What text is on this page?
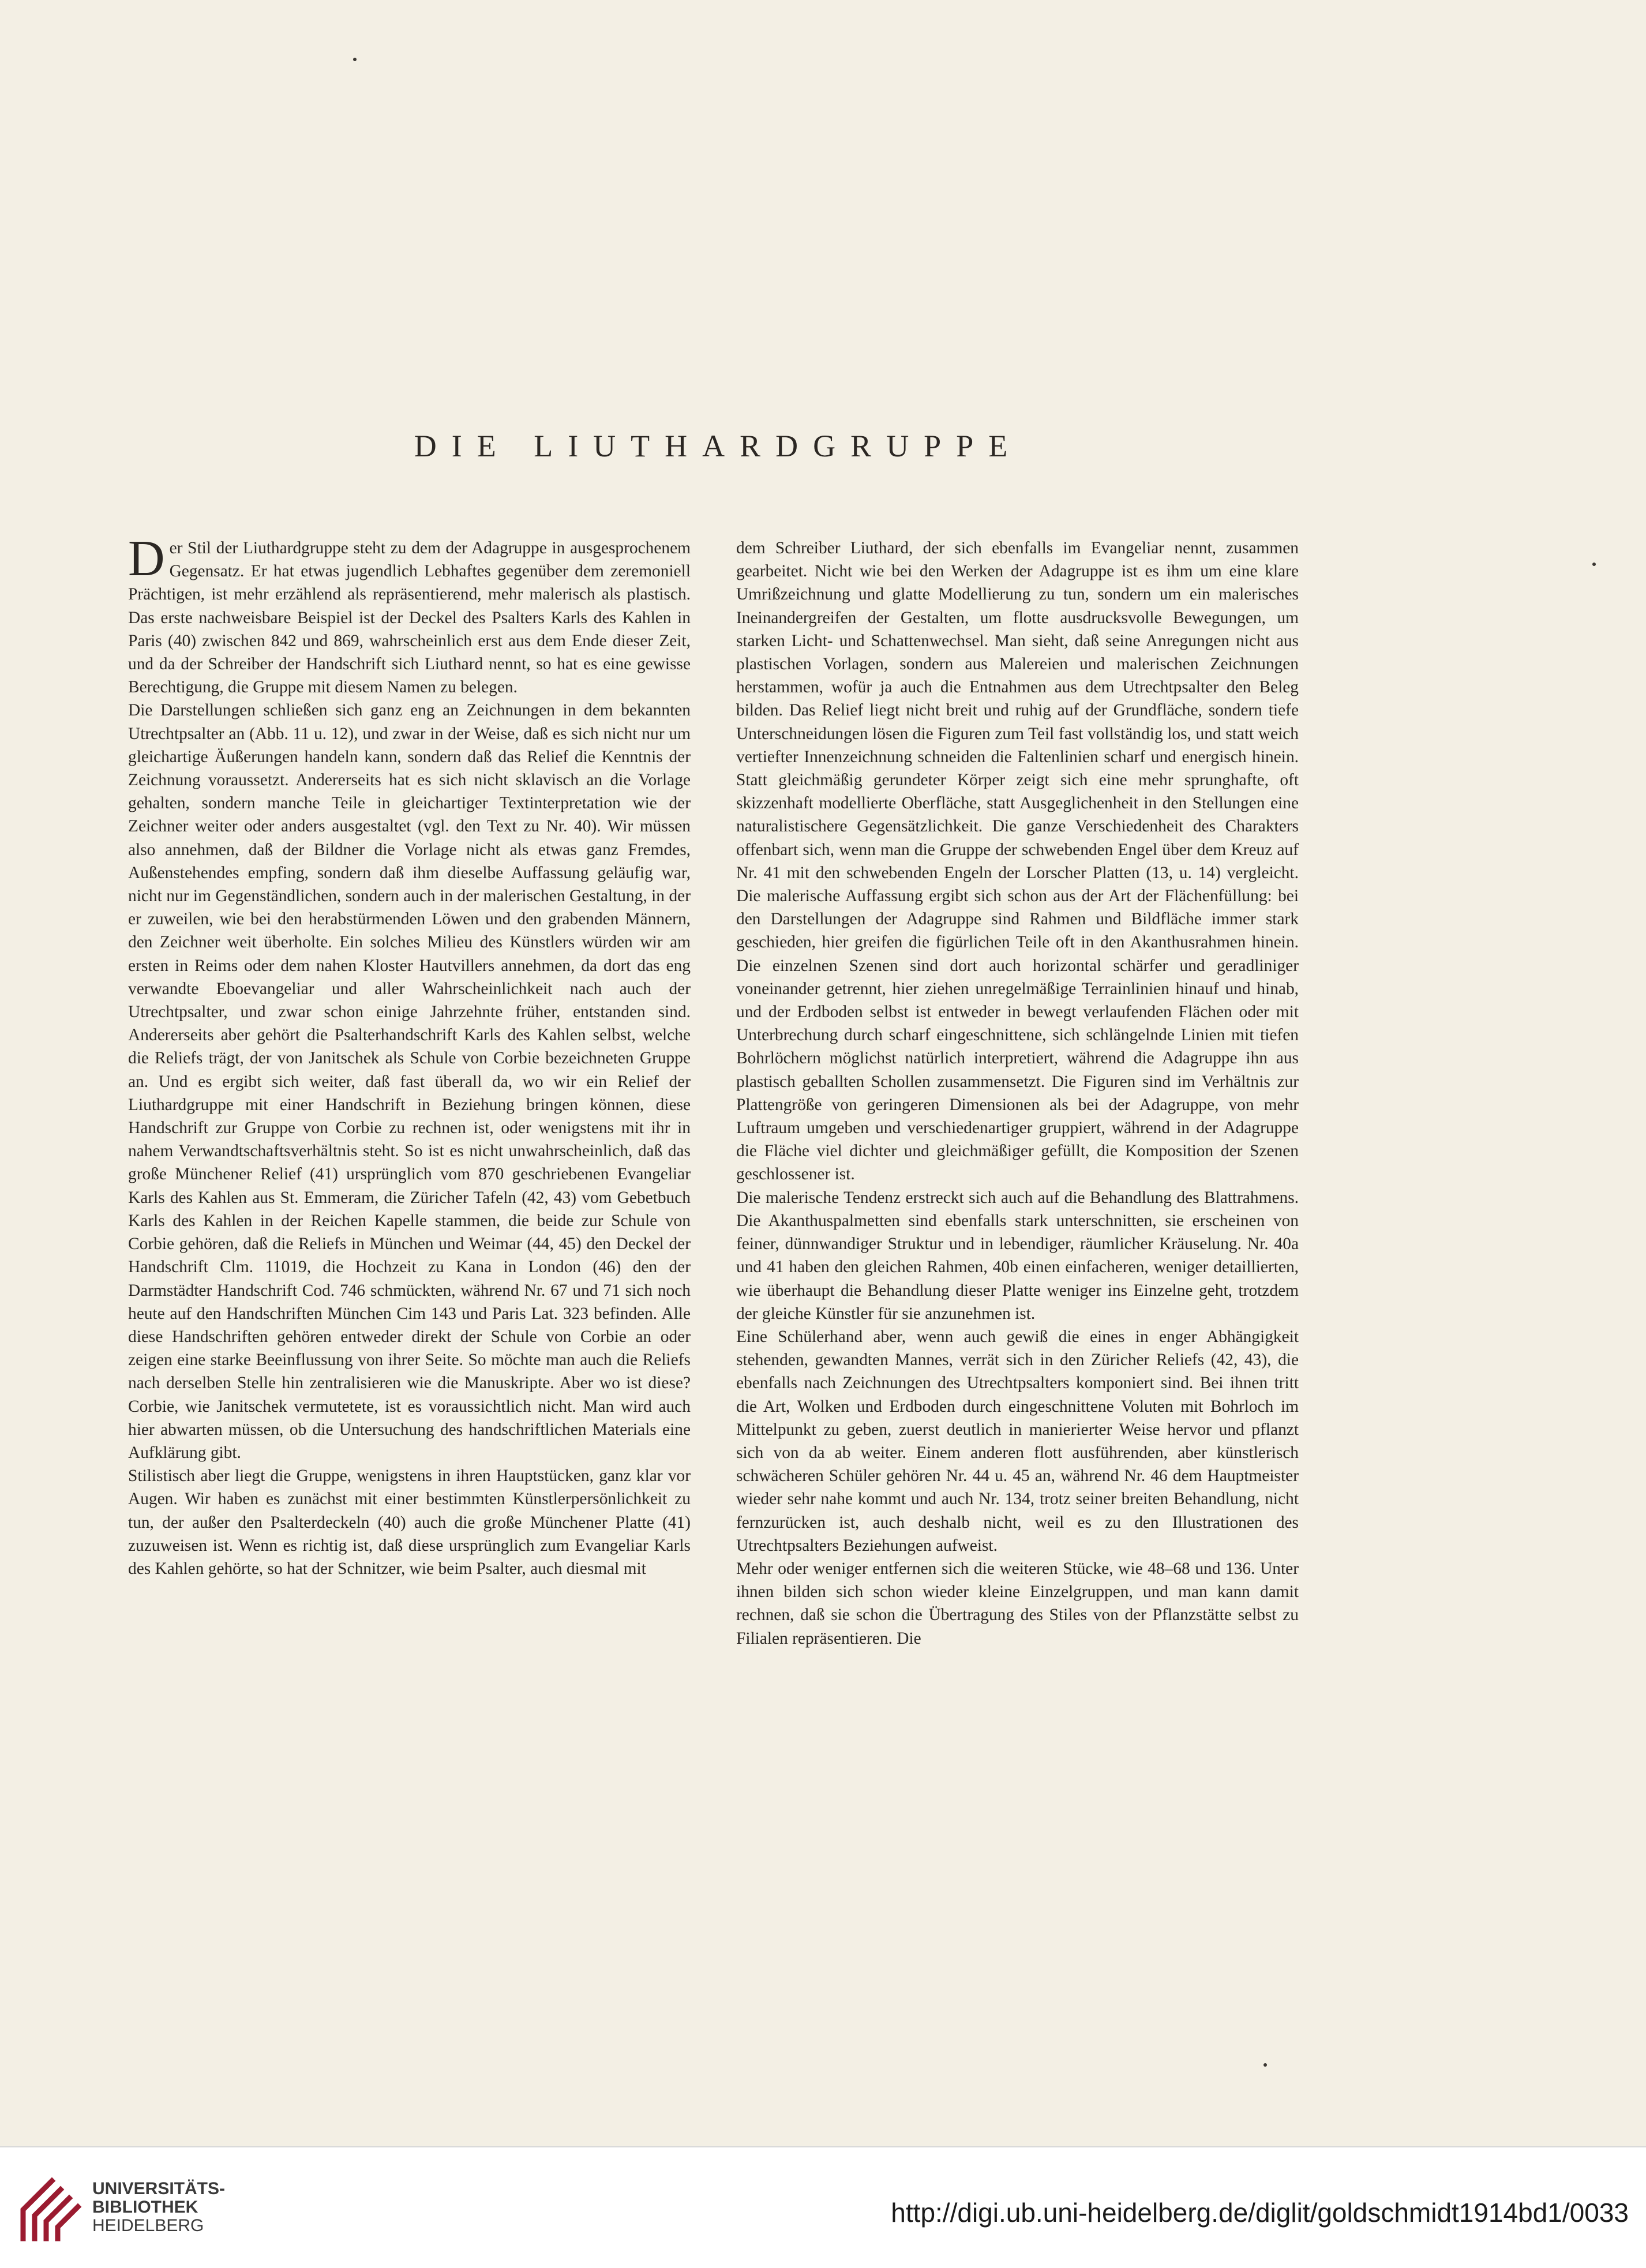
DIE LIUTHARDGRUPPE

Der Stil der Liuthardgruppe steht zu dem der Adagruppe in ausgesprochenem Gegensatz. Er hat etwas jugendlich Lebhaftes gegenüber dem zeremoniell Prächtigen, ist mehr erzählend als repräsentierend, mehr malerisch als plastisch. Das erste nachweisbare Beispiel ist der Deckel des Psalters Karls des Kahlen in Paris (40) zwischen 842 und 869, wahrscheinlich erst aus dem Ende dieser Zeit, und da der Schreiber der Handschrift sich Liuthard nennt, so hat es eine gewisse Berechtigung, die Gruppe mit diesem Namen zu belegen.

Die Darstellungen schließen sich ganz eng an Zeichnungen in dem bekannten Utrechtpsalter an (Abb. 11 u. 12), und zwar in der Weise, daß es sich nicht nur um gleichartige Äußerungen handeln kann, sondern daß das Relief die Kenntnis der Zeichnung voraussetzt. Andererseits hat es sich nicht sklavisch an die Vorlage gehalten, sondern manche Teile in gleichartiger Textinterpretation wie der Zeichner weiter oder anders ausgestaltet (vgl. den Text zu Nr. 40). Wir müssen also annehmen, daß der Bildner die Vorlage nicht als etwas ganz Fremdes, Außenstehendes empfing, sondern daß ihm dieselbe Auffassung geläufig war, nicht nur im Gegenständlichen, sondern auch in der malerischen Gestaltung, in der er zuweilen, wie bei den herabstürmenden Löwen und den grabenden Männern, den Zeichner weit überholte. Ein solches Milieu des Künstlers würden wir am ersten in Reims oder dem nahen Kloster Hautvillers annehmen, da dort das eng verwandte Eboevangeliar und aller Wahrscheinlichkeit nach auch der Utrechtpsalter, und zwar schon einige Jahrzehnte früher, entstanden sind. Andererseits aber gehört die Psalterhandschrift Karls des Kahlen selbst, welche die Reliefs trägt, der von Janitschek als Schule von Corbie bezeichneten Gruppe an. Und es ergibt sich weiter, daß fast überall da, wo wir ein Relief der Liuthardgruppe mit einer Handschrift in Beziehung bringen können, diese Handschrift zur Gruppe von Corbie zu rechnen ist, oder wenigstens mit ihr in nahem Verwandtschaftsverhältnis steht. So ist es nicht unwahrscheinlich, daß das große Münchener Relief (41) ursprünglich vom 870 geschriebenen Evangeliar Karls des Kahlen aus St. Emmeram, die Züricher Tafeln (42, 43) vom Gebetbuch Karls des Kahlen in der Reichen Kapelle stammen, die beide zur Schule von Corbie gehören, daß die Reliefs in München und Weimar (44, 45) den Deckel der Handschrift Clm. 11019, die Hochzeit zu Kana in London (46) den der Darmstädter Handschrift Cod. 746 schmückten, während Nr. 67 und 71 sich noch heute auf den Handschriften München Cim 143 und Paris Lat. 323 befinden. Alle diese Handschriften gehören entweder direkt der Schule von Corbie an oder zeigen eine starke Beeinflussung von ihrer Seite. So möchte man auch die Reliefs nach derselben Stelle hin zentralisieren wie die Manuskripte. Aber wo ist diese? Corbie, wie Janitschek vermutetete, ist es voraussichtlich nicht. Man wird auch hier abwarten müssen, ob die Untersuchung des handschriftlichen Materials eine Aufklärung gibt.

Stilistisch aber liegt die Gruppe, wenigstens in ihren Hauptstücken, ganz klar vor Augen. Wir haben es zunächst mit einer bestimmten Künstlerpersönlichkeit zu tun, der außer den Psalterdeckeln (40) auch die große Münchener Platte (41) zuzuweisen ist. Wenn es richtig ist, daß diese ursprünglich zum Evangeliar Karls des Kahlen gehörte, so hat der Schnitzer, wie beim Psalter, auch diesmal mit

dem Schreiber Liuthard, der sich ebenfalls im Evangeliar nennt, zusammen gearbeitet. Nicht wie bei den Werken der Adagruppe ist es ihm um eine klare Umrißzeichnung und glatte Modellierung zu tun, sondern um ein malerisches Ineinandergreifen der Gestalten, um flotte ausdrucksvolle Bewegungen, um starken Licht- und Schattenwechsel. Man sieht, daß seine Anregungen nicht aus plastischen Vorlagen, sondern aus Malereien und malerischen Zeichnungen herstammen, wofür ja auch die Entnahmen aus dem Utrechtpsalter den Beleg bilden. Das Relief liegt nicht breit und ruhig auf der Grundfläche, sondern tiefe Unterschneidungen lösen die Figuren zum Teil fast vollständig los, und statt weich vertiefter Innenzeichnung schneiden die Faltenlinien scharf und energisch hinein. Statt gleichmäßig gerundeter Körper zeigt sich eine mehr sprunghafte, oft skizzenhaft modellierte Oberfläche, statt Ausgeglichenheit in den Stellungen eine naturalistischere Gegensätzlichkeit. Die ganze Verschiedenheit des Charakters offenbart sich, wenn man die Gruppe der schwebenden Engel über dem Kreuz auf Nr. 41 mit den schwebenden Engeln der Lorscher Platten (13, u. 14) vergleicht. Die malerische Auffassung ergibt sich schon aus der Art der Flächenfüllung: bei den Darstellungen der Adagruppe sind Rahmen und Bildfläche immer stark geschieden, hier greifen die figürlichen Teile oft in den Akanthusrahmen hinein. Die einzelnen Szenen sind dort auch horizontal schärfer und geradliniger voneinander getrennt, hier ziehen unregelmäßige Terrainlinien hinauf und hinab, und der Erdboden selbst ist entweder in bewegt verlaufenden Flächen oder mit Unterbrechung durch scharf eingeschnittene, sich schlängelnde Linien mit tiefen Bohrlöchern möglichst natürlich interpretiert, während die Adagruppe ihn aus plastisch geballten Schollen zusammensetzt. Die Figuren sind im Verhältnis zur Plattengröße von geringeren Dimensionen als bei der Adagruppe, von mehr Luftraum umgeben und verschiedenartiger gruppiert, während in der Adagruppe die Fläche viel dichter und gleichmäßiger gefüllt, die Komposition der Szenen geschlossener ist.

Die malerische Tendenz erstreckt sich auch auf die Behandlung des Blattrahmens. Die Akanthuspalmetten sind ebenfalls stark unterschnitten, sie erscheinen von feiner, dünnwandiger Struktur und in lebendiger, räumlicher Kräuselung. Nr. 40a und 41 haben den gleichen Rahmen, 40b einen einfacheren, weniger detaillierten, wie überhaupt die Behandlung dieser Platte weniger ins Einzelne geht, trotzdem der gleiche Künstler für sie anzunehmen ist.

Eine Schülerhand aber, wenn auch gewiß die eines in enger Abhängigkeit stehenden, gewandten Mannes, verrät sich in den Züricher Reliefs (42, 43), die ebenfalls nach Zeichnungen des Utrechtpsalters komponiert sind. Bei ihnen tritt die Art, Wolken und Erdboden durch eingeschnittene Voluten mit Bohrloch im Mittelpunkt zu geben, zuerst deutlich in manierierter Weise hervor und pflanzt sich von da ab weiter. Einem anderen flott ausführenden, aber künstlerisch schwächeren Schüler gehören Nr. 44 u. 45 an, während Nr. 46 dem Hauptmeister wieder sehr nahe kommt und auch Nr. 134, trotz seiner breiten Behandlung, nicht fernzurücken ist, auch deshalb nicht, weil es zu den Illustrationen des Utrechtpsalters Beziehungen aufweist.

Mehr oder weniger entfernen sich die weiteren Stücke, wie 48–68 und 136. Unter ihnen bilden sich schon wieder kleine Einzelgruppen, und man kann damit rechnen, daß sie schon die Übertragung des Stiles von der Pflanzstätte selbst zu Filialen repräsentieren. Die

UNIVERSITÄTS-
BIBLIOTHEK
HEIDELBERG	http://digi.ub.uni-heidelberg.de/diglit/goldschmidt1914bd1/0033
